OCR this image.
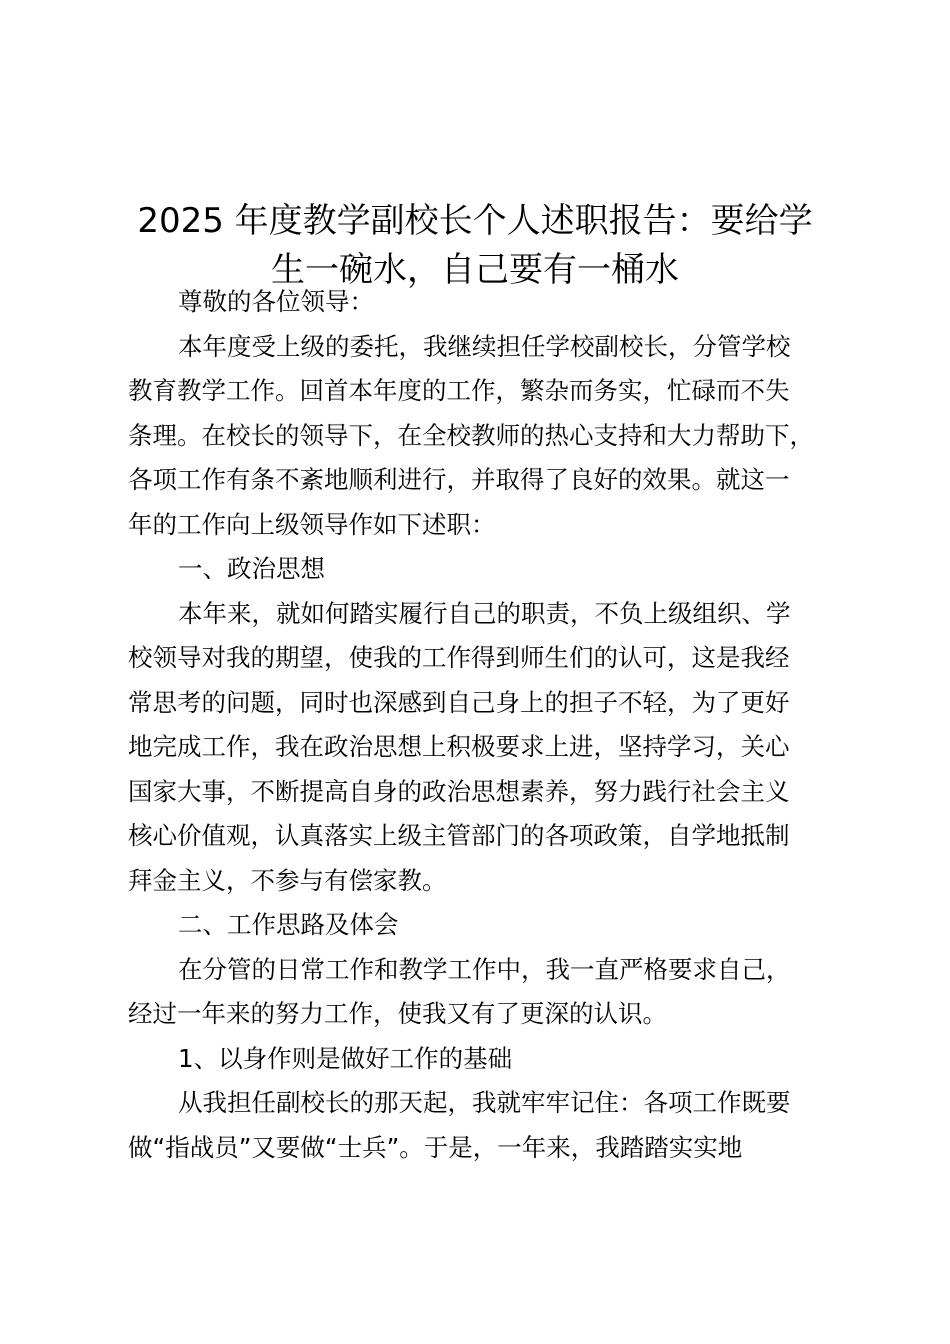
2025 年度教学副校长个人述职报告：要给学
生一碗水，自己要有一桶水
尊敬的各位领导：
本年度受上级的委托，我继续担任学校副校长，分管学校
教育教学工作。回首本年度的工作，繁杂而务实，忙碌而不失
条理。在校长的领导下，在全校教师的热心支持和大力帮助下，
各项工作有条不紊地顺利进行，并取得了良好的效果。就这一
年的工作向上级领导作如下述职：
一、政治思想
本年来，就如何踏实履行自己的职责，不负上级组织、学
校领导对我的期望，使我的工作得到师生们的认可，这是我经
常思考的问题，同时也深感到自己身上的担子不轻，为了更好
地完成工作，我在政治思想上积极要求上进，坚持学习，关心
国家大事，不断提高自身的政治思想素养，努力践行社会主义
核心价值观，认真落实上级主管部门的各项政策，自学地抵制
拜金主义，不参与有偿家教。
二、工作思路及体会
在分管的日常工作和教学工作中，我一直严格要求自己，
经过一年来的努力工作，使我又有了更深的认识。
1、以身作则是做好工作的基础
从我担任副校长的那天起，我就牢牢记住：各项工作既要
做“指战员”又要做“士兵”。于是，一年来，我踏踏实实地
